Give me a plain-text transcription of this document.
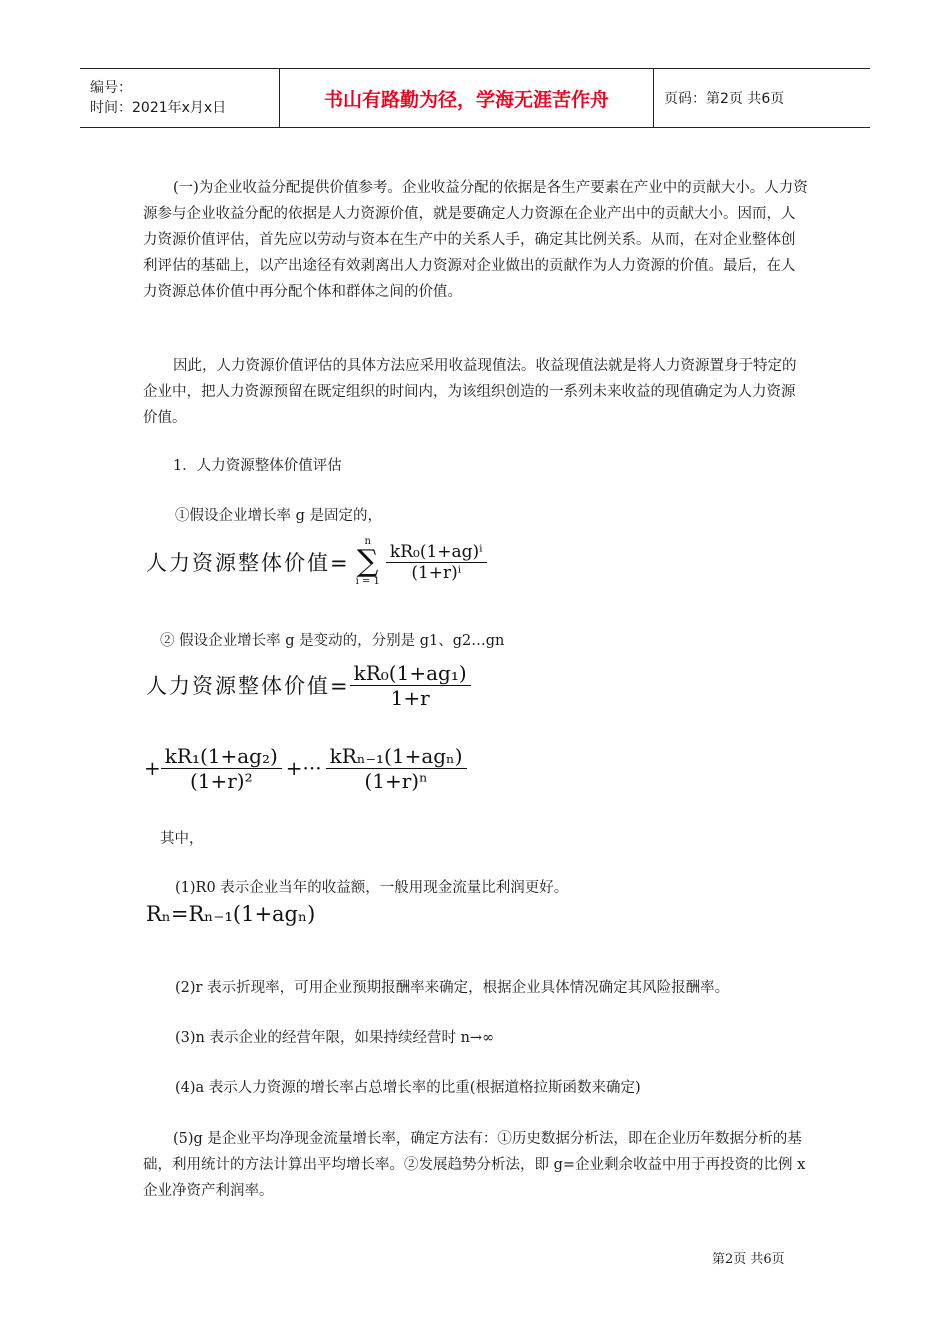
编号：
时间：2021年x月x日	书山有路勤为径，学海无涯苦作舟	页码：第2页 共6页

(一)为企业收益分配提供价值参考。企业收益分配的依据是各生产要素在产业中的贡献大小。人力资源参与企业收益分配的依据是人力资源价值，就是要确定人力资源在企业产出中的贡献大小。因而，人力资源价值评估，首先应以劳动与资本在生产中的关系人手，确定其比例关系。从而，在对企业整体创利评估的基础上，以产出途径有效剥离出人力资源对企业做出的贡献作为人力资源的价值。最后，在人力资源总体价值中再分配个体和群体之间的价值。

因此，人力资源价值评估的具体方法应采用收益现值法。收益现值法就是将人力资源置身于特定的企业中，把人力资源预留在既定组织的时间内，为该组织创造的一系列未来收益的现值确定为人力资源价值。

1．人力资源整体价值评估

①假设企业增长率 g 是固定的，

人力资源整体价值=
n
∑
$i = 1 \frac{\text{kR₀(1+ag)ⁱ}}{\text{(1+r)ⁱ}}$

② 假设企业增长率 g 是变动的，分别是 g1、g2…gn

人力资源整体价值= $\frac{\text{kR₀(1+ag₁)}}{1+r}$
+ $\frac{\text{kR₁(1+ag₂)}}{\text{(1+r)²}}$ +··· $\frac{\text{kRₙ₋₁(1+agₙ)}}{\text{(1+r)ⁿ}}$

其中，

(1)R0 表示企业当年的收益额，一般用现金流量比利润更好。

Rₙ=Rₙ₋₁(1+agₙ)

(2)r 表示折现率，可用企业预期报酬率来确定，根据企业具体情况确定其风险报酬率。

(3)n 表示企业的经营年限，如果持续经营时 n→∞

(4)a 表示人力资源的增长率占总增长率的比重(根据道格拉斯函数来确定)

(5)g 是企业平均净现金流量增长率，确定方法有：①历史数据分析法，即在企业历年数据分析的基础，利用统计的方法计算出平均增长率。②发展趋势分析法，即 g=企业剩余收益中用于再投资的比例 x 企业净资产利润率。

第2页 共6页
